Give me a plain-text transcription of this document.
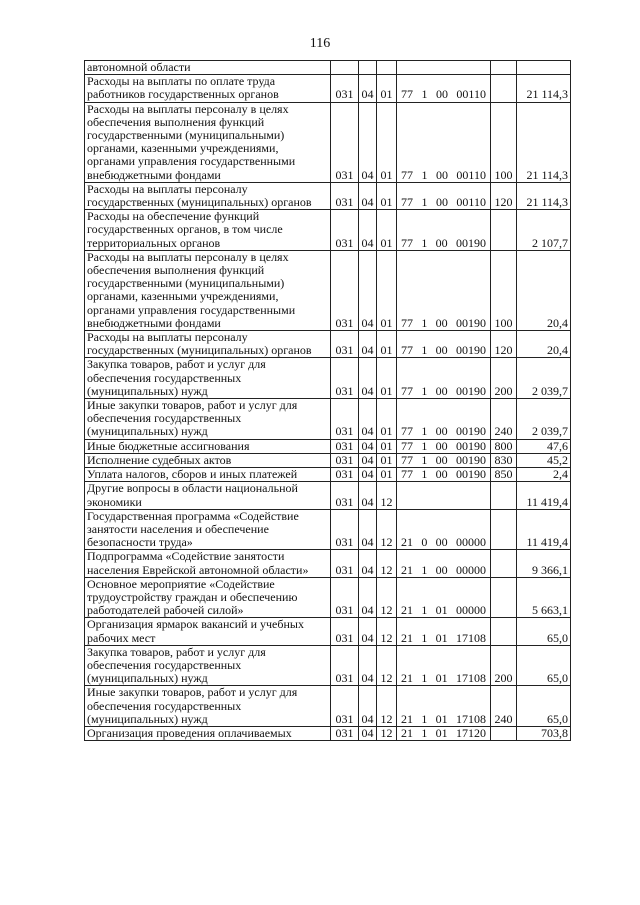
116
автономной области				

Расходы на выплаты по оплате труда работников государственных органов	031	04	01	77 1 00 00110		21 114,3
Расходы на выплаты персоналу в целях обеспечения выполнения функций государственными (муниципальными) органами, казенными учреждениями, органами управления государственными внебюджетными фондами	031	04	01	77 1 00 00110	100	21 114,3
Расходы на выплаты персоналу государственных (муниципальных) органов	031	04	01	77 1 00 00110	120	21 114,3
Расходы на обеспечение функций государственных органов, в том числе территориальных органов	031	04	01	77 1 00 00190		2 107,7
Расходы на выплаты персоналу в целях обеспечения выполнения функций государственными (муниципальными) органами, казенными учреждениями, органами управления государственными внебюджетными фондами	031	04	01	77 1 00 00190	100	20,4
Расходы на выплаты персоналу государственных (муниципальных) органов	031	04	01	77 1 00 00190	120	20,4
Закупка товаров, работ и услуг для обеспечения государственных (муниципальных) нужд	031	04	01	77 1 00 00190	200	2 039,7
Иные закупки товаров, работ и услуг для обеспечения государственных (муниципальных) нужд	031	04	01	77 1 00 00190	240	2 039,7
Иные бюджетные ассигнования	031	04	01	77 1 00 00190	800	47,6
Исполнение судебных актов	031	04	01	77 1 00 00190	830	45,2
Уплата налогов, сборов и иных платежей	031	04	01	77 1 00 00190	850	2,4
Другие вопросы в области национальной экономики	031	04	12			11 419,4
Государственная программа «Содействие занятости населения и обеспечение безопасности труда»	031	04	12	21 0 00 00000		11 419,4
Подпрограмма «Содействие занятости населения Еврейской автономной области»	031	04	12	21 1 00 00000		9 366,1
Основное мероприятие «Содействие трудоустройству граждан и обеспечению работодателей рабочей силой»	031	04	12	21 1 01 00000		5 663,1
Организация ярмарок вакансий и учебных рабочих мест	031	04	12	21 1 01 17108		65,0
Закупка товаров, работ и услуг для обеспечения государственных (муниципальных) нужд	031	04	12	21 1 01 17108	200	65,0
Иные закупки товаров, работ и услуг для обеспечения государственных (муниципальных) нужд	031	04	12	21 1 01 17108	240	65,0
Организация проведения оплачиваемых	031	04	12	21 1 01 17120		703,8
